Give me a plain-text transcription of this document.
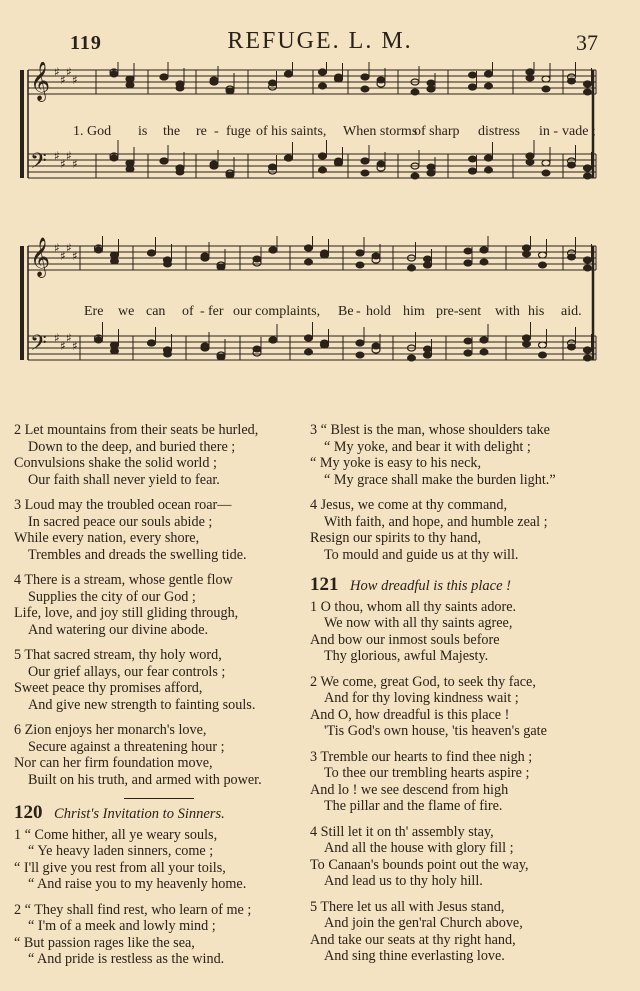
119	REFUGE. L. M.	37
𝄞 ♯
♯
♯
♯
𝄢 ♯
♯
♯
♯
1. God is the re - fuge of his saints, When storms
of sharp distress in - vade ;
𝄞 ♯
♯
♯
♯
𝄢 ♯
♯
♯
♯
Ere we can of - fer our complaints, Be - hold him pre-sent with his aid.
2 Let mountains from their seats be hurled,
Down to the deep, and buried there ;
Convulsions shake the solid world ;
Our faith shall never yield to fear.
3 Loud may the troubled ocean roar—
In sacred peace our souls abide ;
While every nation, every shore,
Trembles and dreads the swelling tide.
4 There is a stream, whose gentle flow
Supplies the city of our God ;
Life, love, and joy still gliding through,
And watering our divine abode.
5 That sacred stream, thy holy word,
Our grief allays, our fear controls ;
Sweet peace thy promises afford,
And give new strength to fainting souls.
6 Zion enjoys her monarch's love,
Secure against a threatening hour ;
Nor can her firm foundation move,
Built on his truth, and armed with power.
120 Christ's Invitation to Sinners.
1 “ Come hither, all ye weary souls,
“ Ye heavy laden sinners, come ;
“ I'll give you rest from all your toils,
“ And raise you to my heavenly home.
2 “ They shall find rest, who learn of me ;
“ I'm of a meek and lowly mind ;
“ But passion rages like the sea,
“ And pride is restless as the wind.
3 “ Blest is the man, whose shoulders take
“ My yoke, and bear it with delight ;
“ My yoke is easy to his neck,
“ My grace shall make the burden light.”
4 Jesus, we come at thy command,
With faith, and hope, and humble zeal ;
Resign our spirits to thy hand,
To mould and guide us at thy will.
121 How dreadful is this place !
1 O thou, whom all thy saints adore.
We now with all thy saints agree,
And bow our inmost souls before
Thy glorious, awful Majesty.
2 We come, great God, to seek thy face,
And for thy loving kindness wait ;
And O, how dreadful is this place !
'Tis God's own house, 'tis heaven's gate
3 Tremble our hearts to find thee nigh ;
To thee our trembling hearts aspire ;
And lo ! we see descend from high
The pillar and the flame of fire.
4 Still let it on th' assembly stay,
And all the house with glory fill ;
To Canaan's bounds point out the way,
And lead us to thy holy hill.
5 There let us all with Jesus stand,
And join the gen'ral Church above,
And take our seats at thy right hand,
And sing thine everlasting love.
